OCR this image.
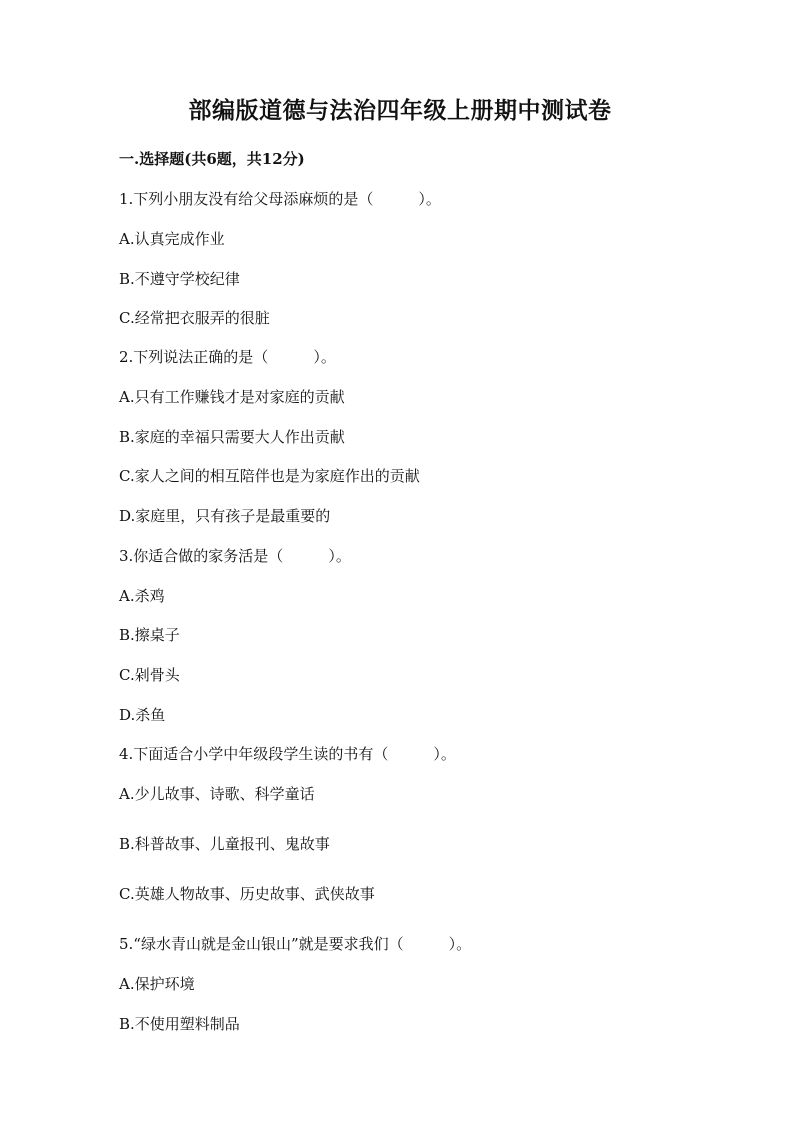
部编版道德与法治四年级上册期中测试卷
一.选择题(共6题，共12分)
1.下列小朋友没有给父母添麻烦的是（　　　）。
A.认真完成作业
B.不遵守学校纪律
C.经常把衣服弄的很脏
2.下列说法正确的是（　　　）。
A.只有工作赚钱才是对家庭的贡献
B.家庭的幸福只需要大人作出贡献
C.家人之间的相互陪伴也是为家庭作出的贡献
D.家庭里，只有孩子是最重要的
3.你适合做的家务活是（　　　）。
A.杀鸡
B.擦桌子
C.剁骨头
D.杀鱼
4.下面适合小学中年级段学生读的书有（　　　）。
A.少儿故事、诗歌、科学童话
B.科普故事、儿童报刊、鬼故事
C.英雄人物故事、历史故事、武侠故事
5.“绿水青山就是金山银山”就是要求我们（　　　）。
A.保护环境
B.不使用塑料制品
